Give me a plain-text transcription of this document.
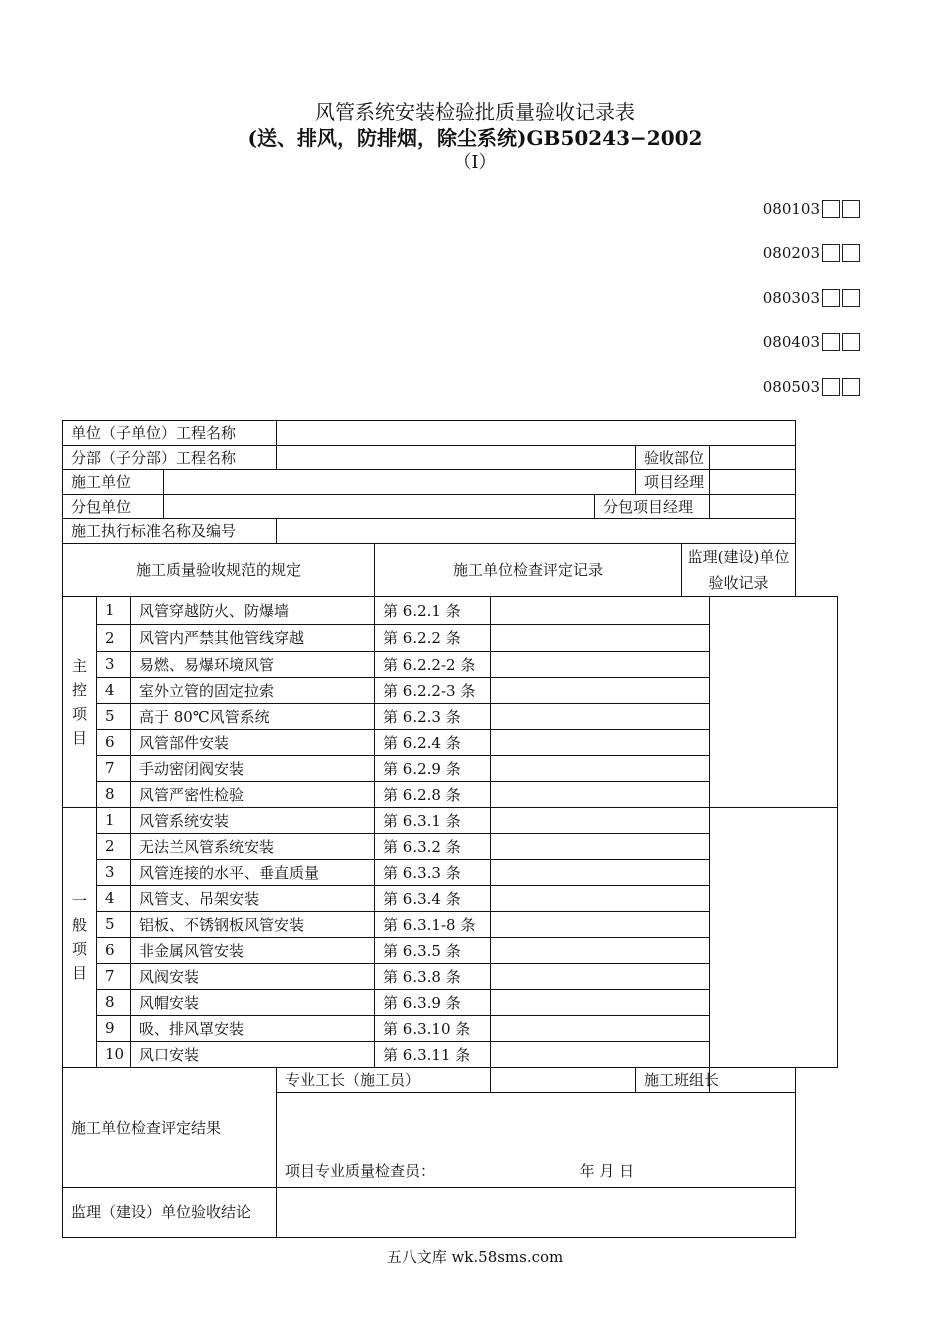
风管系统安装检验批质量验收记录表
(送、排风，防排烟，除尘系统)GB50243−2002
（Ⅰ）
080103
080203
080303
080403
080503
单位（子单位）工程名称										
分部（子分部）工程名称								验收部位		
施工单位								项目经理		
分包单位							分包项目经理			
施工执行标准名称及编号										
施工质量验收规范的规定					施工单位检查评定记录				监理(建设)单位验收记录	

主控项目	1	风管穿越防火、防爆墙			第 6.2.1 条					
	2	风管内严禁其他管线穿越			第 6.2.2 条					
	3	易燃、易爆环境风管			第 6.2.2-2 条					
	4	室外立管的固定拉索			第 6.2.2-3 条					
	5	高于 80℃风管系统			第 6.2.3 条					
	6	风管部件安装			第 6.2.4 条					
	7	手动密闭阀安装			第 6.2.9 条					
	8	风管严密性检验			第 6.2.8 条					

一般项目	1	风管系统安装			第 6.3.1 条					
	2	无法兰风管系统安装			第 6.3.2 条					
	3	风管连接的水平、垂直质量			第 6.3.3 条					
	4	风管支、吊架安装			第 6.3.4 条					
	5	铝板、不锈钢板风管安装			第 6.3.1-8 条					
	6	非金属风管安装			第 6.3.5 条					
	7	风阀安装			第 6.3.8 条					
	8	风帽安装			第 6.3.9 条					
	9	吸、排风罩安装			第 6.3.10 条					
	10	风口安装			第 6.3.11 条					
施工单位检查评定结果				专业工长（施工员）				施工班组长		
				项目专业质量检查员： 年 月 日						
监理（建设）单位验收结论										
五八文库 wk.58sms.com
